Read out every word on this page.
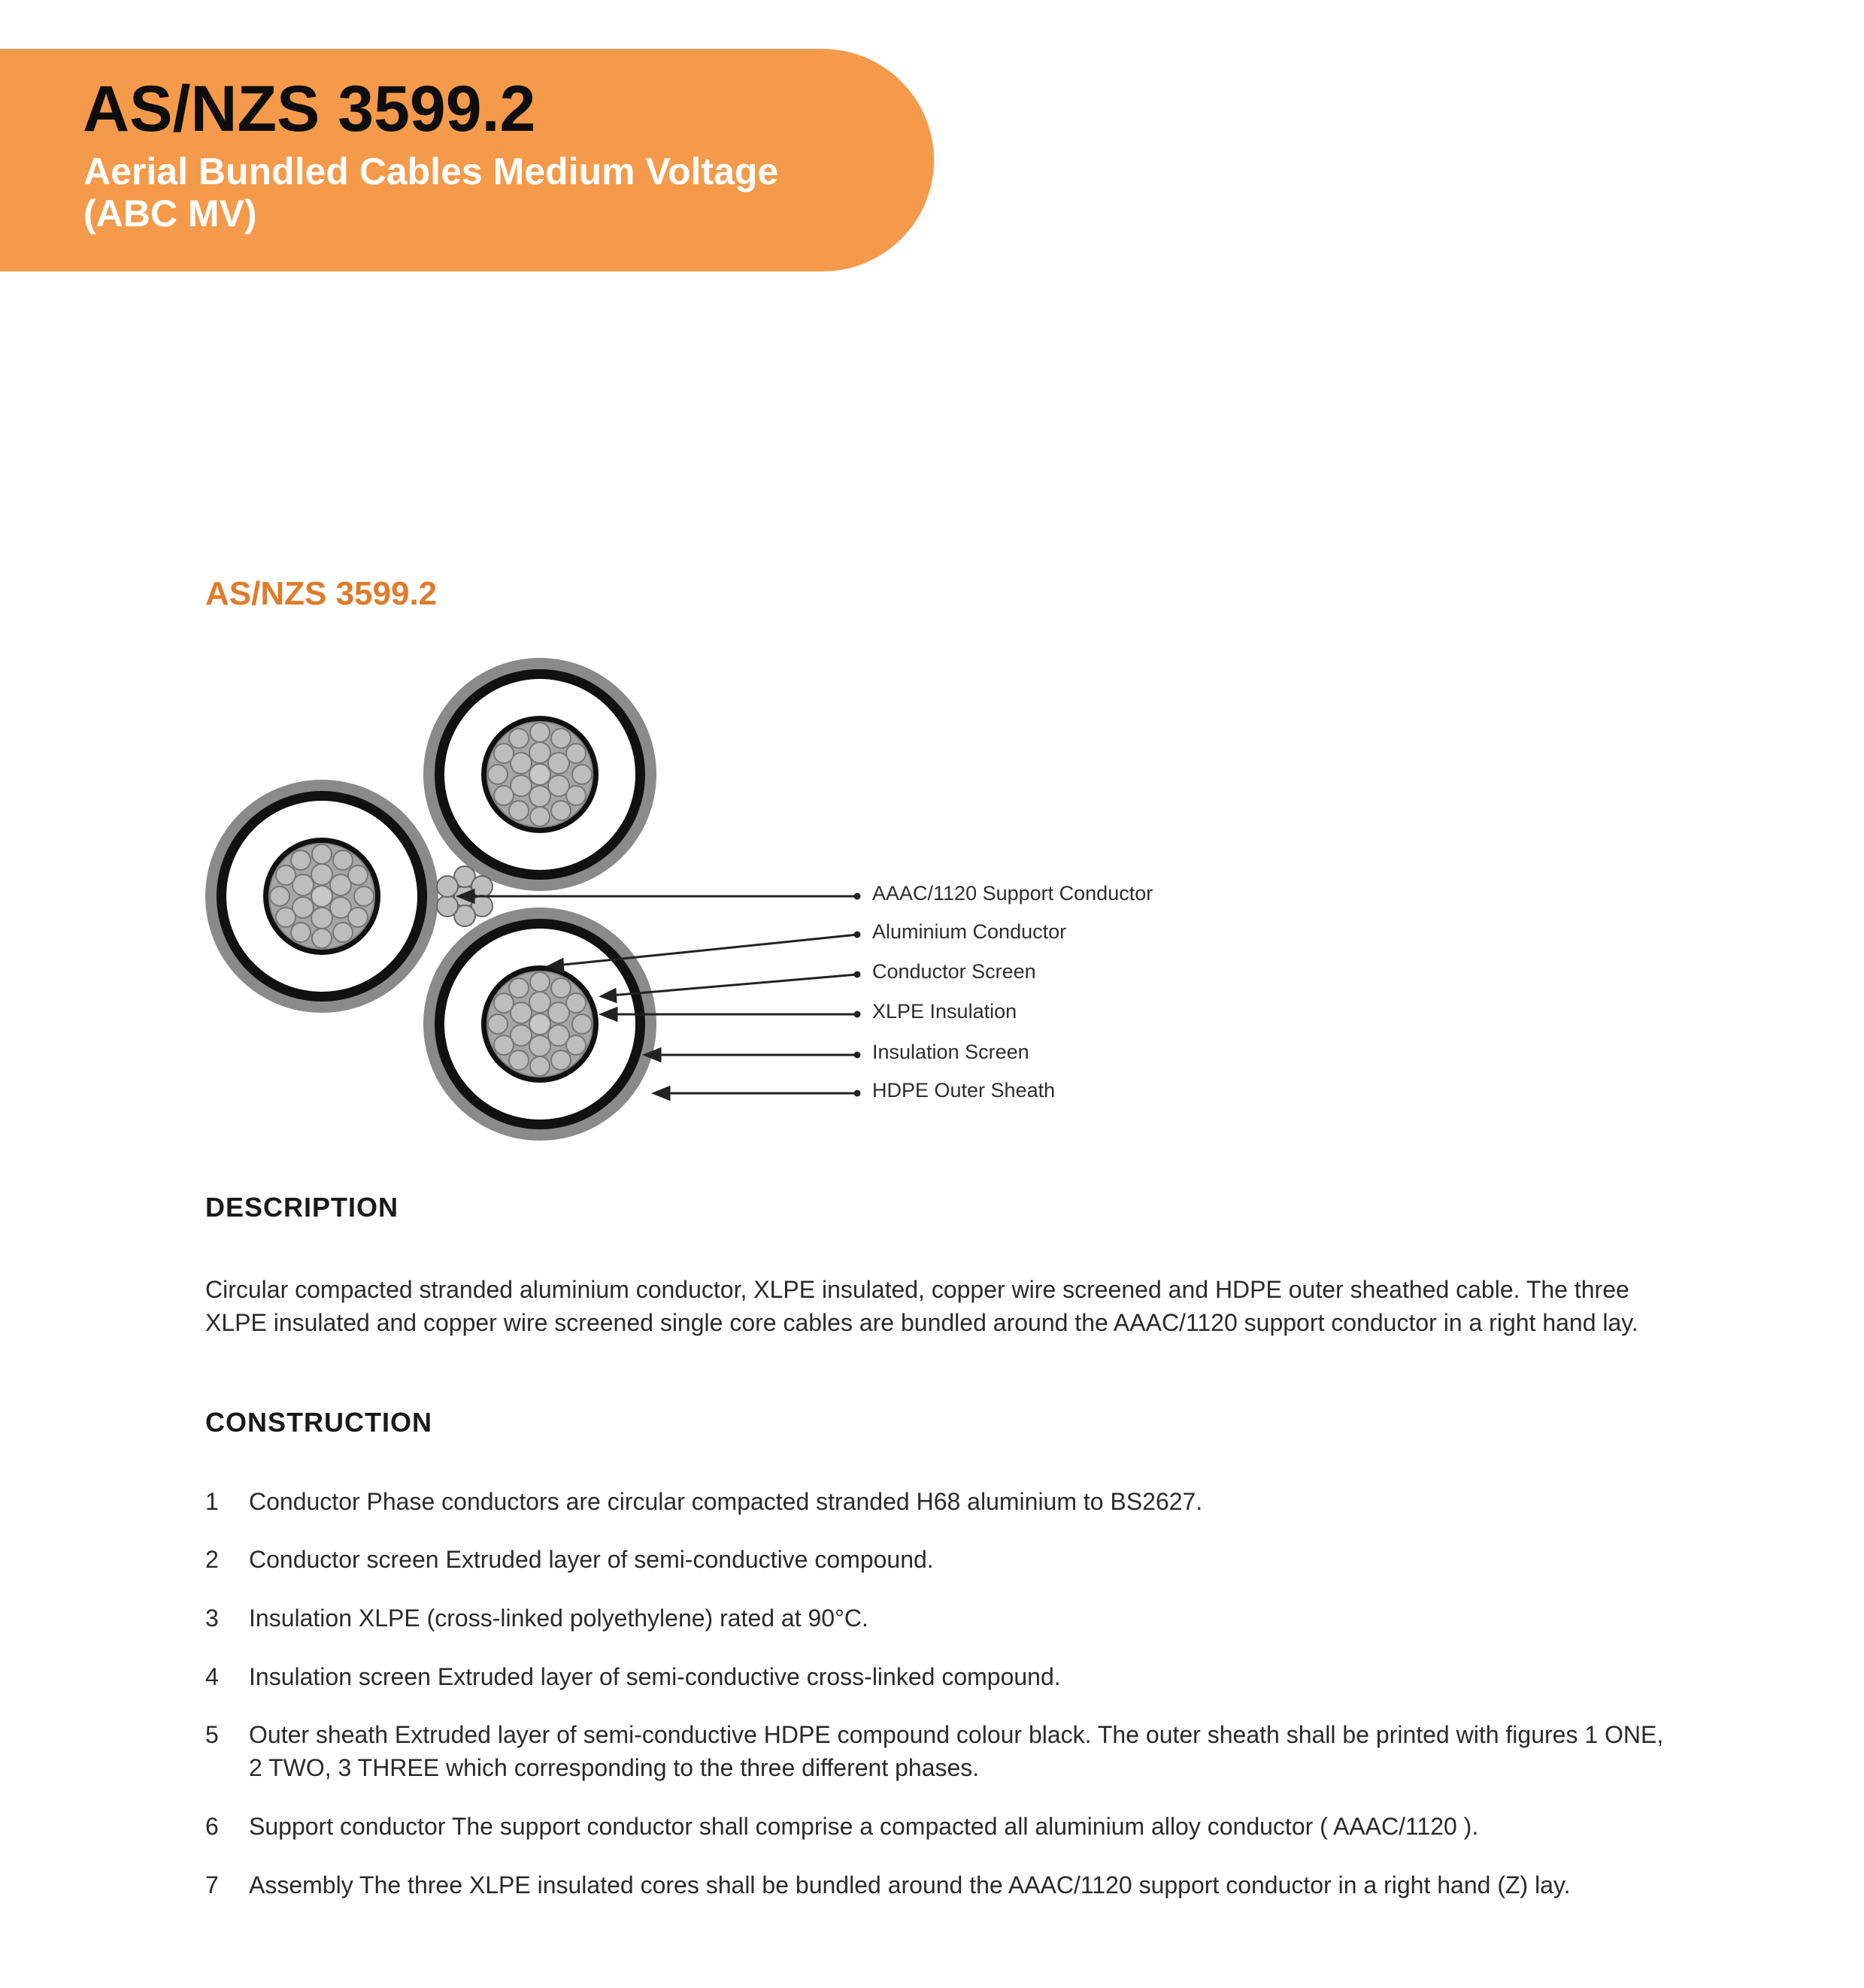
AS/NZS 3599.2
Aerial Bundled Cables Medium Voltage (ABC MV)
AS/NZS 3599.2
AAAC/1120 Support Conductor
Aluminium Conductor
Conductor Screen
XLPE Insulation
Insulation Screen
HDPE Outer Sheath
DESCRIPTION

Circular compacted stranded aluminium conductor, XLPE insulated, copper wire screened and HDPE outer sheathed cable. The three XLPE insulated and copper wire screened single core cables are bundled around the AAAC/1120 support conductor in a right hand lay.

CONSTRUCTION
1	Conductor Phase conductors are circular compacted stranded H68 aluminium to BS2627.
2	Conductor screen Extruded layer of semi-conductive compound.
3	Insulation XLPE (cross-linked polyethylene) rated at 90°C.
4	Insulation screen Extruded layer of semi-conductive cross-linked compound.
5	Outer sheath Extruded layer of semi-conductive HDPE compound colour black. The outer sheath shall be printed with figures 1 ONE, 2 TWO, 3 THREE which corresponding to the three different phases.
6	Support conductor The support conductor shall comprise a compacted all aluminium alloy conductor ( AAAC/1120 ).
7	Assembly The three XLPE insulated cores shall be bundled around the AAAC/1120 support conductor in a right hand (Z) lay.
